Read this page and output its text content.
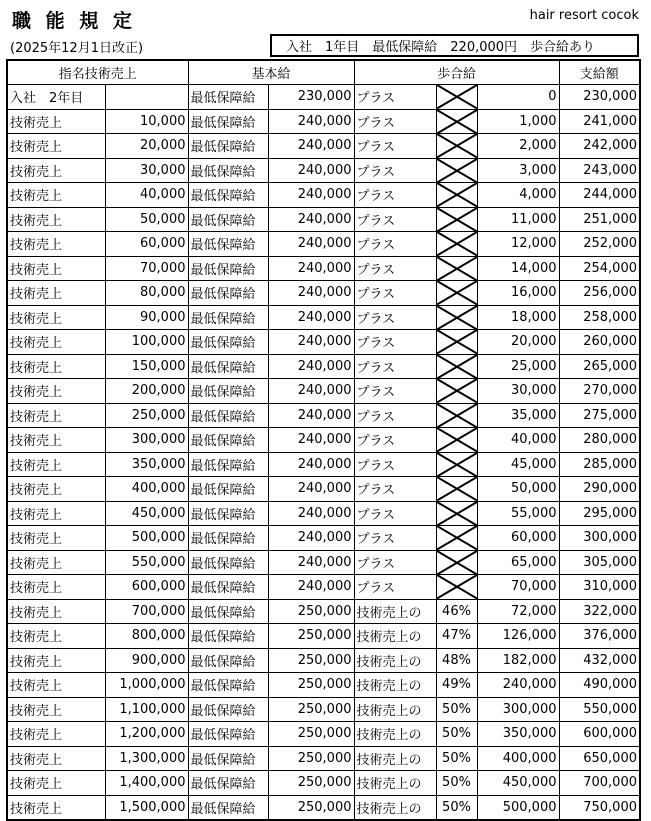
職 能 規 定	hair resort cocok
(2025年12月1日改正)	入社　1年目　最低保障給　220,000円　歩合給あり
指名技術売上		基本給		歩合給			支給額
入社　2年目		最低保障給	230,000	プラス		0	230,000
技術売上	10,000	最低保障給	240,000	プラス		1,000	241,000
技術売上	20,000	最低保障給	240,000	プラス		2,000	242,000
技術売上	30,000	最低保障給	240,000	プラス		3,000	243,000
技術売上	40,000	最低保障給	240,000	プラス		4,000	244,000
技術売上	50,000	最低保障給	240,000	プラス		11,000	251,000
技術売上	60,000	最低保障給	240,000	プラス		12,000	252,000
技術売上	70,000	最低保障給	240,000	プラス		14,000	254,000
技術売上	80,000	最低保障給	240,000	プラス		16,000	256,000
技術売上	90,000	最低保障給	240,000	プラス		18,000	258,000
技術売上	100,000	最低保障給	240,000	プラス		20,000	260,000
技術売上	150,000	最低保障給	240,000	プラス		25,000	265,000
技術売上	200,000	最低保障給	240,000	プラス		30,000	270,000
技術売上	250,000	最低保障給	240,000	プラス		35,000	275,000
技術売上	300,000	最低保障給	240,000	プラス		40,000	280,000
技術売上	350,000	最低保障給	240,000	プラス		45,000	285,000
技術売上	400,000	最低保障給	240,000	プラス		50,000	290,000
技術売上	450,000	最低保障給	240,000	プラス		55,000	295,000
技術売上	500,000	最低保障給	240,000	プラス		60,000	300,000
技術売上	550,000	最低保障給	240,000	プラス		65,000	305,000
技術売上	600,000	最低保障給	240,000	プラス		70,000	310,000
技術売上	700,000	最低保障給	250,000	技術売上の	46%	72,000	322,000
技術売上	800,000	最低保障給	250,000	技術売上の	47%	126,000	376,000
技術売上	900,000	最低保障給	250,000	技術売上の	48%	182,000	432,000
技術売上	1,000,000	最低保障給	250,000	技術売上の	49%	240,000	490,000
技術売上	1,100,000	最低保障給	250,000	技術売上の	50%	300,000	550,000
技術売上	1,200,000	最低保障給	250,000	技術売上の	50%	350,000	600,000
技術売上	1,300,000	最低保障給	250,000	技術売上の	50%	400,000	650,000
技術売上	1,400,000	最低保障給	250,000	技術売上の	50%	450,000	700,000
技術売上	1,500,000	最低保障給	250,000	技術売上の	50%	500,000	750,000
